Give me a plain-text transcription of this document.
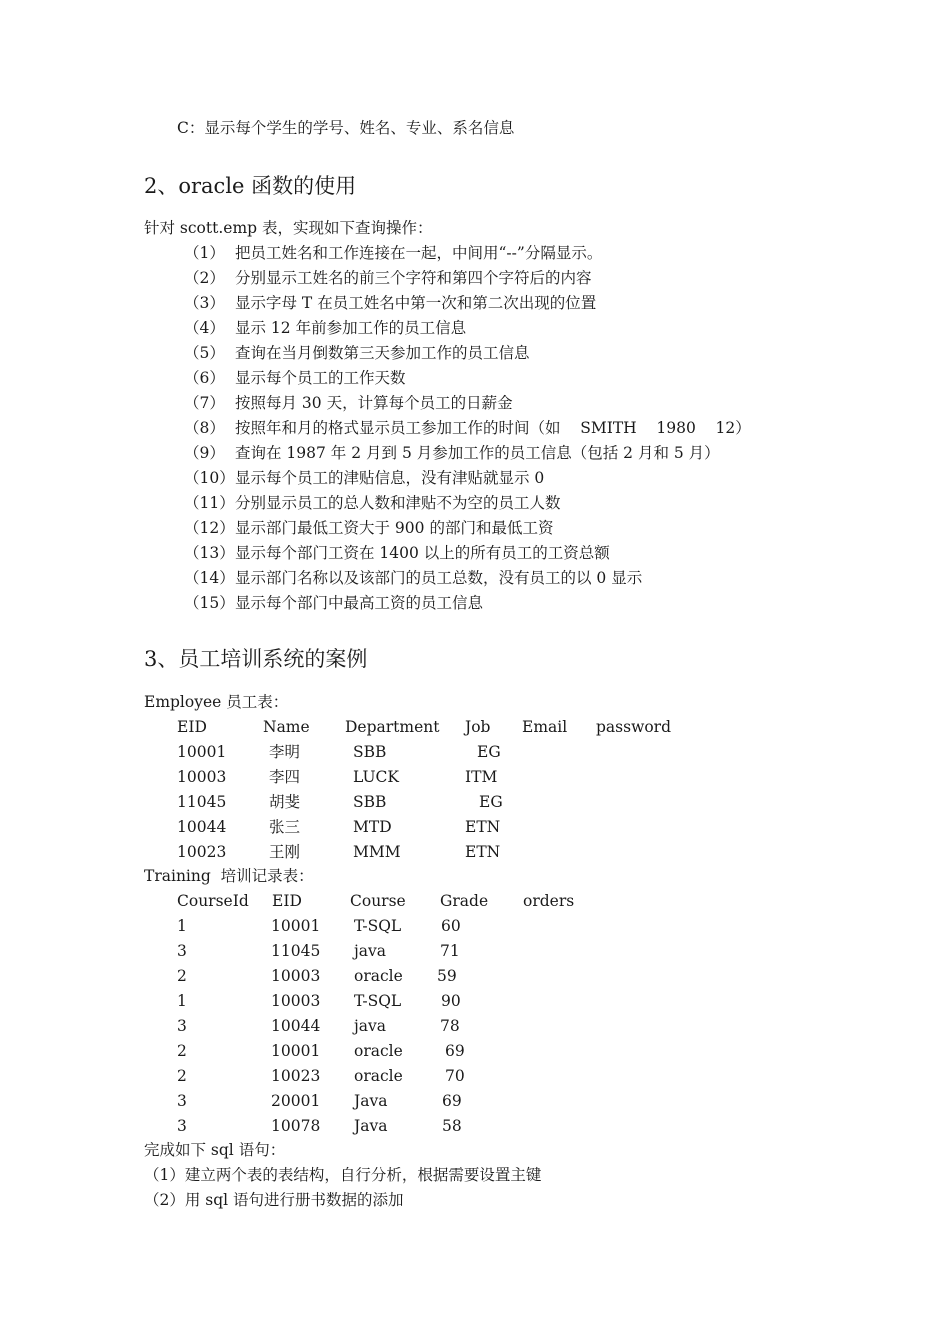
C：显示每个学生的学号、姓名、专业、系名信息
2、oracle 函数的使用
针对 scott.emp 表，实现如下查询操作：
（1） 把员工姓名和工作连接在一起，中间用“--”分隔显示。
（2） 分别显示工姓名的前三个字符和第四个字符后的内容
（3） 显示字母 T 在员工姓名中第一次和第二次出现的位置
（4） 显示 12 年前参加工作的员工信息
（5） 查询在当月倒数第三天参加工作的员工信息
（6） 显示每个员工的工作天数
（7） 按照每月 30 天，计算每个员工的日薪金
（8） 按照年和月的格式显示员工参加工作的时间（如    SMITH    1980    12）
（9） 查询在 1987 年 2 月到 5 月参加工作的员工信息（包括 2 月和 5 月）
（10） 显示每个员工的津贴信息，没有津贴就显示 0
（11） 分别显示员工的总人数和津贴不为空的员工人数
（12） 显示部门最低工资大于 900 的部门和最低工资
（13） 显示每个部门工资在 1400 以上的所有员工的工资总额
（14） 显示部门名称以及该部门的员工总数，没有员工的以 0 显示
（15） 显示每个部门中最高工资的员工信息
3、员工培训系统的案例
Employee 员工表：
EID	Name Department Job Email password
10001	李明	SBB	EG
10003	李四	LUCK	ITM
11045	胡斐	SBB	EG
10044	张三	MTD	ETN
10023	王刚	MMM	ETN
Training  培训记录表：
CourseId EID	Course Grade orders
1	10001 T-SQL	60
3	11045 java	71
2	10003 oracle 59
1	10003 T-SQL	90
3	10044 java	78
2	10001 oracle	69
2	10023 oracle	70
3	20001 Java	69
3	10078 Java	58
完成如下 sql 语句：
（1）建立两个表的表结构，自行分析，根据需要设置主键
（2）用 sql 语句进行册书数据的添加
